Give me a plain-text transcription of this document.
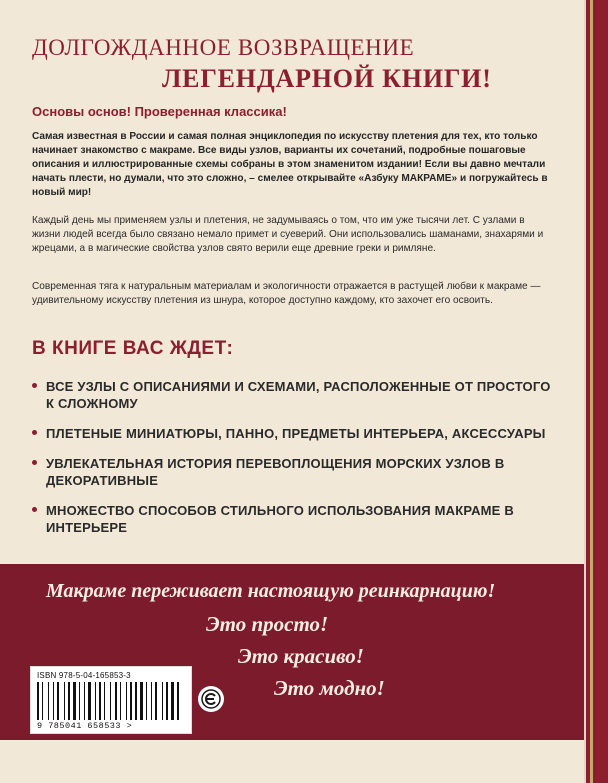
ДОЛГОЖДАННОЕ ВОЗВРАЩЕНИЕ
ЛЕГЕНДАРНОЙ КНИГИ!
Основы основ! Проверенная классика!
Самая известная в России и самая полная энциклопедия по искусству плетения для тех, кто только начинает знакомство с макраме. Все виды узлов, варианты их сочетаний, подробные пошаговые описания и иллюстрированные схемы собраны в этом знаменитом издании! Если вы давно мечтали начать плести, но думали, что это сложно, – смелее открывайте «Азбуку МАКРАМЕ» и погружайтесь в новый мир!
Каждый день мы применяем узлы и плетения, не задумываясь о том, что им уже тысячи лет. С узлами в жизни людей всегда было связано немало примет и суеверий. Они использовались шаманами, знахарями и жрецами, а в магические свойства узлов свято верили еще древние греки и римляне.
Современная тяга к натуральным материалам и экологичности отражается в растущей любви к макраме — удивительному искусству плетения из шнура, которое доступно каждому, кто захочет его освоить.
В КНИГЕ ВАС ЖДЕТ:
ВСЕ УЗЛЫ С ОПИСАНИЯМИ И СХЕМАМИ, РАСПОЛОЖЕННЫЕ ОТ ПРОСТОГО К СЛОЖНОМУ
ПЛЕТЕНЫЕ МИНИАТЮРЫ, ПАННО, ПРЕДМЕТЫ ИНТЕРЬЕРА, АКСЕССУАРЫ
УВЛЕКАТЕЛЬНАЯ ИСТОРИЯ ПЕРЕВОПЛОЩЕНИЯ МОРСКИХ УЗЛОВ В ДЕКОРАТИВНЫЕ
МНОЖЕСТВО СПОСОБОВ СТИЛЬНОГО ИСПОЛЬЗОВАНИЯ МАКРАМЕ В ИНТЕРЬЕРЕ
Макраме переживает настоящую реинкарнацию!
Это просто!
Это красиво!
Это модно!
ISBN 978-5-04-165853-3
9 785041 658533 >
